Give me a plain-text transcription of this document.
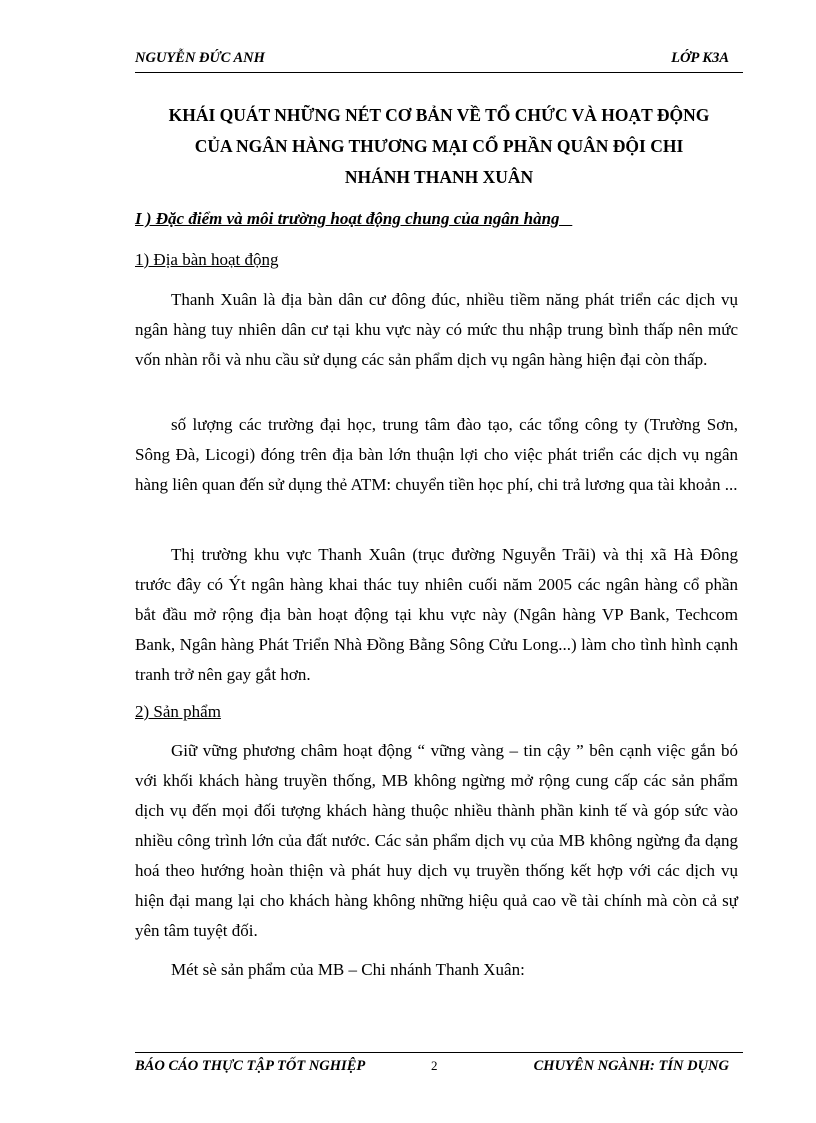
NGUYỄN ĐỨC ANH	LỚP K3A
KHÁI QUÁT NHỮNG NÉT CƠ BẢN VỀ TỔ CHỨC VÀ HOẠT ĐỘNG
CỦA NGÂN HÀNG THƯƠNG MẠI CỔ PHẦN QUÂN ĐỘI CHI
NHÁNH THANH XUÂN
I ) Đặc điểm và môi trường hoạt động chung của ngân hàng
1) Địa bàn hoạt động
Thanh Xuân là địa bàn dân cư đông đúc, nhiều tiềm năng phát triển các dịch vụ ngân hàng tuy nhiên dân cư tại khu vực này có mức thu nhập trung bình thấp nên mức vốn nhàn rỗi và nhu cầu sử dụng các sản phẩm dịch vụ ngân hàng hiện đại còn thấp.
số lượng các trường đại học, trung tâm đào tạo, các tổng công ty (Trường Sơn, Sông Đà, Licogi) đóng trên địa bàn lớn thuận lợi cho việc phát triển các dịch vụ ngân hàng liên quan đến sử dụng thẻ ATM: chuyển tiền học phí, chi trả lương qua tài khoản ...
Thị trường khu vực Thanh Xuân (trục đường Nguyễn Trãi) và thị xã Hà Đông trước đây có Ýt ngân hàng khai thác tuy nhiên cuối năm 2005 các ngân hàng cổ phần bắt đầu mở rộng địa bàn hoạt động tại khu vực này (Ngân hàng VP Bank, Techcom Bank, Ngân hàng Phát Triển Nhà Đồng Bằng Sông Cửu Long...) làm cho tình hình cạnh tranh trở nên gay gắt hơn.
2) Sản phẩm
Giữ vững phương châm hoạt động “ vững vàng – tin cậy ” bên cạnh việc gắn bó với khối khách hàng truyền thống, MB không ngừng mở rộng cung cấp các sản phẩm dịch vụ đến mọi đối tượng khách hàng thuộc nhiều thành phần kinh tế và góp sức vào nhiều công trình lớn của đất nước. Các sản phẩm dịch vụ của MB không ngừng đa dạng hoá theo hướng hoàn thiện và phát huy dịch vụ truyền thống kết hợp với các dịch vụ hiện đại mang lại cho khách hàng không những hiệu quả cao về tài chính mà còn cả sự yên tâm tuyệt đối.
Mét sè sản phẩm của MB – Chi nhánh Thanh Xuân:
BÁO CÁO THỰC TẬP TỐT NGHIỆP	2	CHUYÊN NGÀNH: TÍN DỤNG
